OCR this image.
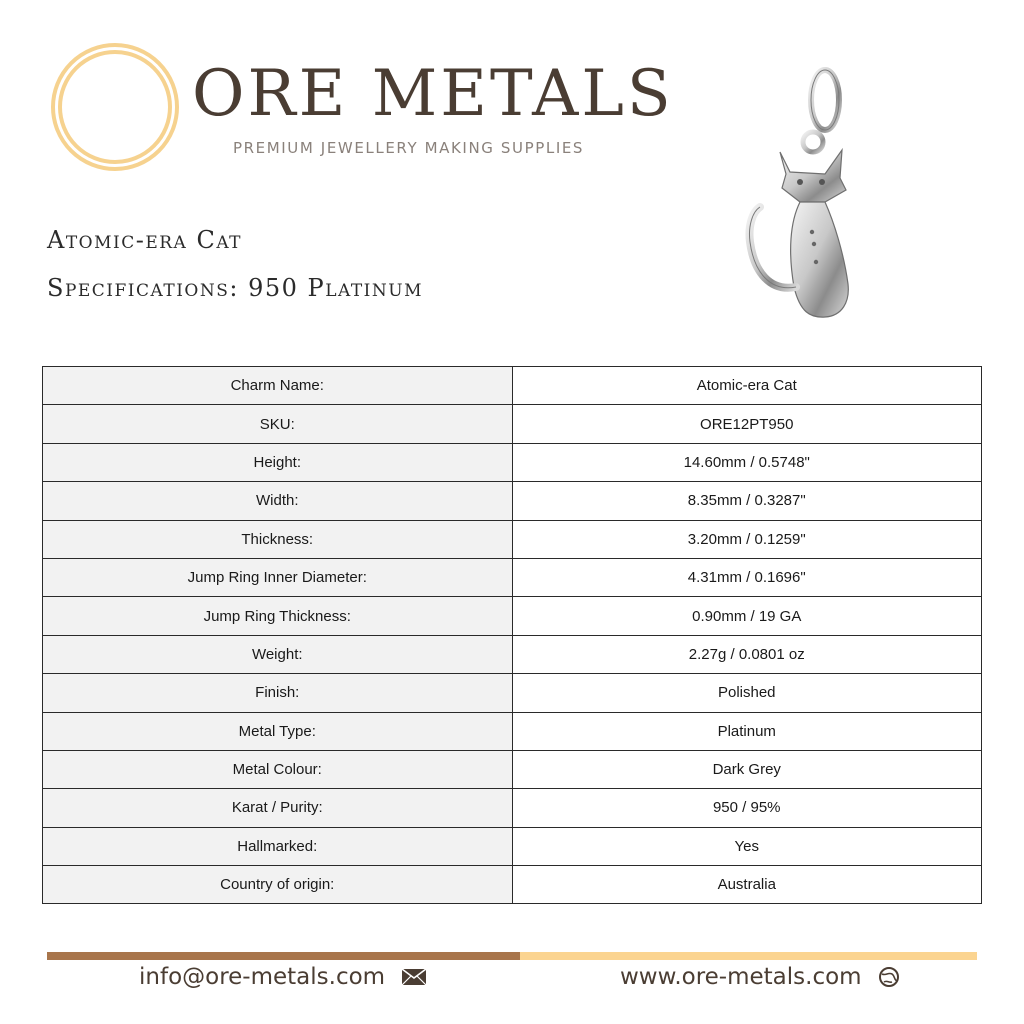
ORE METALS
PREMIUM JEWELLERY MAKING SUPPLIES
Atomic-era Cat
Specifications: 950 Platinum
Charm Name:	Atomic-era Cat
SKU:	ORE12PT950
Height:	14.60mm / 0.5748"
Width:	8.35mm / 0.3287"
Thickness:	3.20mm / 0.1259"
Jump Ring Inner Diameter:	4.31mm / 0.1696"
Jump Ring Thickness:	0.90mm / 19 GA
Weight:	2.27g / 0.0801 oz
Finish:	Polished
Metal Type:	Platinum
Metal Colour:	Dark Grey
Karat / Purity:	950 / 95%
Hallmarked:	Yes
Country of origin:	Australia
info@ore-metals.com	www.ore-metals.com
